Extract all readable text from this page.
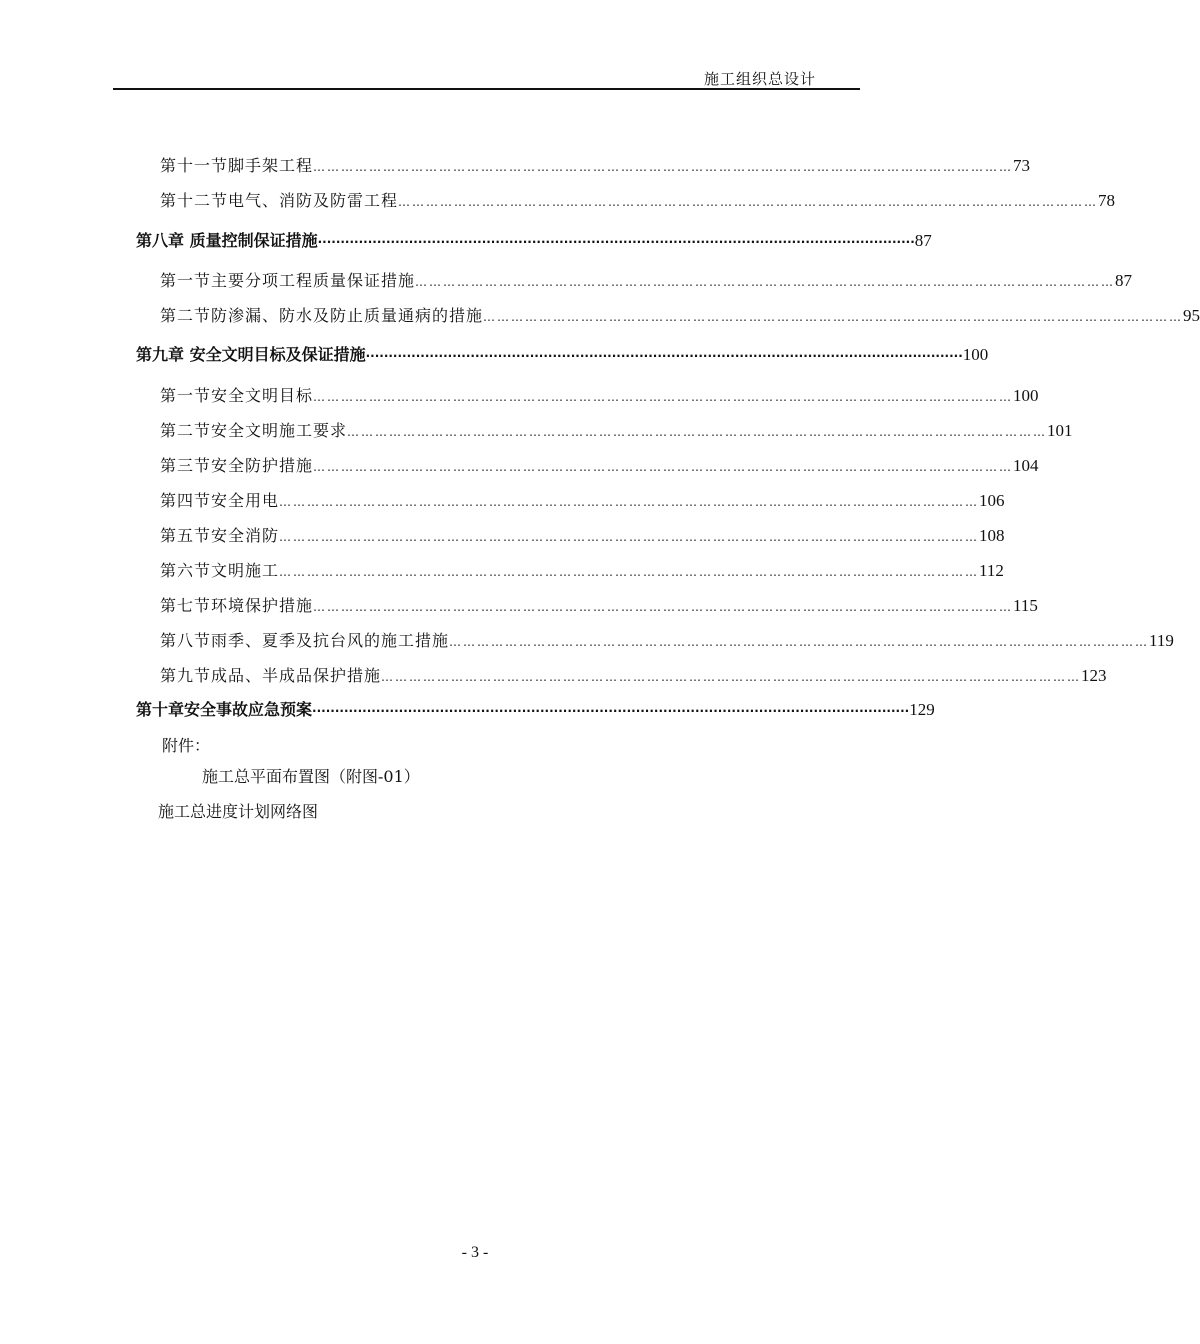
施工组织总设计
第十一节 脚手架工程 …………………………………………………………………………………………………………………………………… 73
第十二节 电气、消防及防雷工程 …………………………………………………………………………………………………………………………………… 78
第八章 质量控制保证措施 ··································································································································· 87
第一节 主要分项工程质量保证措施 …………………………………………………………………………………………………………………………………… 87
第二节 防渗漏、防水及防止质量通病的措施 …………………………………………………………………………………………………………………………………… 95
第九章 安全文明目标及保证措施 ··································································································································· 100
第一节 安全文明目标 …………………………………………………………………………………………………………………………………… 100
第二节 安全文明施工要求 …………………………………………………………………………………………………………………………………… 101
第三节 安全防护措施 …………………………………………………………………………………………………………………………………… 104
第四节 安全用电 …………………………………………………………………………………………………………………………………… 106
第五节 安全消防 …………………………………………………………………………………………………………………………………… 108
第六节 文明施工 …………………………………………………………………………………………………………………………………… 112
第七节 环境保护措施 …………………………………………………………………………………………………………………………………… 115
第八节 雨季、夏季及抗台风的施工措施 …………………………………………………………………………………………………………………………………… 119
第九节 成品、半成品保护措施 …………………………………………………………………………………………………………………………………… 123
第十章 安全事故应急预案 ··································································································································· 129
附件：
施工总平面布置图（附图-01）
施工总进度计划网络图
- 3 -
